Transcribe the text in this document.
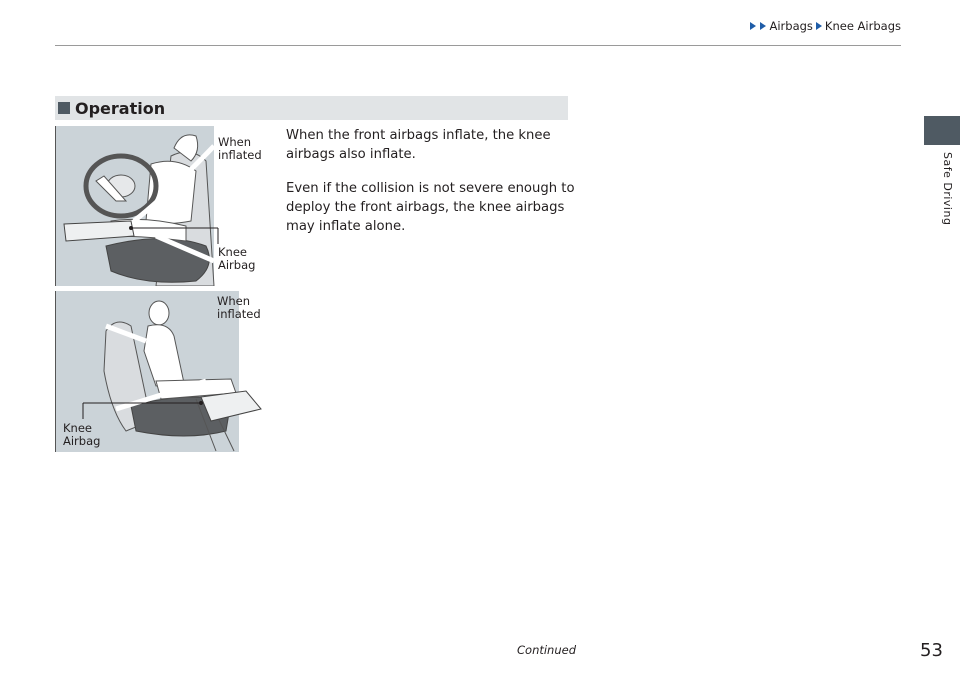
Airbags Knee Airbags
Safe Driving
Operation

When the front airbags inflate, the knee airbags also inflate.

Even if the collision is not severe enough to deploy the front airbags, the knee airbags may inflate alone.

When
inflated
Knee
Airbag
When
inflated
Knee
Airbag
Continued	53
